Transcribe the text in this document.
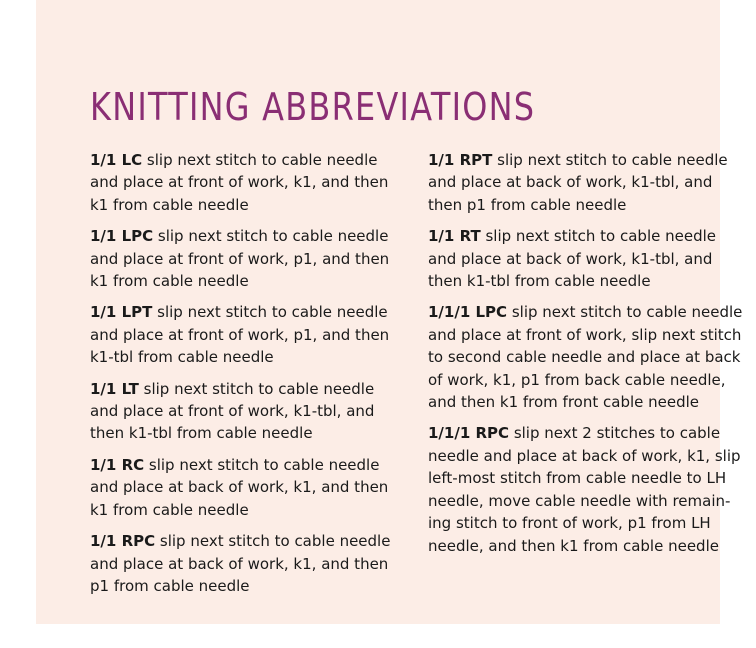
KNITTING ABBREVIATIONS

1/1 LC slip next stitch to cable needle
and place at front of work, k1, and then
k1 from cable needle

1/1 LPC slip next stitch to cable needle
and place at front of work, p1, and then
k1 from cable needle

1/1 LPT slip next stitch to cable needle
and place at front of work, p1, and then
k1-tbl from cable needle

1/1 LT slip next stitch to cable needle
and place at front of work, k1-tbl, and
then k1-tbl from cable needle

1/1 RC slip next stitch to cable needle
and place at back of work, k1, and then
k1 from cable needle

1/1 RPC slip next stitch to cable needle
and place at back of work, k1, and then
p1 from cable needle

1/1 RPT slip next stitch to cable needle
and place at back of work, k1-tbl, and
then p1 from cable needle

1/1 RT slip next stitch to cable needle
and place at back of work, k1-tbl, and
then k1-tbl from cable needle

1/1/1 LPC slip next stitch to cable needle
and place at front of work, slip next stitch
to second cable needle and place at back
of work, k1, p1 from back cable needle,
and then k1 from front cable needle

1/1/1 RPC slip next 2 stitches to cable
needle and place at back of work, k1, slip
left-most stitch from cable needle to LH
needle, move cable needle with remain-
ing stitch to front of work, p1 from LH
needle, and then k1 from cable needle
